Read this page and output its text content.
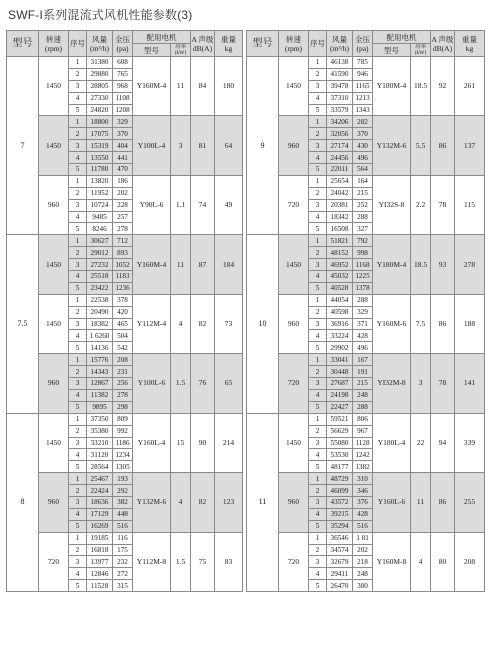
SWF-I系列混流式风机性能参数(3)
型号	转速
(rpm)	序号	风量
(m³/h)	全压
(pa)	配用电机		A 声级
dB(A)	重量
kg
					型号	功率
(kW)		
7	1450	1	31380	608	Y160M-4	11	84	180
		2	29880	765				
		3	28805	968				
		4	27330	1108				
		5	24820	1208				
	1450	1	18800	329	Y100L-4	3	81	64
		2	17075	370				
		3	15319	404				
		4	13550	441				
		5	11780	470				
	960	1	13820	186	Y90L-6	1.1	74	49
		2	11952	202				
		3	10724	228				
		4	9485	257				
		5	8246	278				
7.5	1450	1	30627	712	Y160M-4	11	87	184
		2	29012	893				
		3	27232	1052				
		4	25518	1183				
		5	23422	1236				
	1450	1	22538	378	Y112M-4	4	82	73
		2	20490	420				
		3	18382	465				
		4	1 6260	504				
		5	14136	542				
	960	1	15776	208	Y100L-6	1.5	76	65
		2	14343	231				
		3	12867	256				
		4	11382	278				
		5	9895	298				
8	1450	1	37350	809	Y160L-4	15	90	214
		2	35380	992				
		3	33210	1186				
		4	31120	1234				
		5	28564	1305				
	960	1	25467	193	Y132M-6	4	82	123
		2	22424	292				
		3	18636	382				
		4	17129	448				
		5	16269	516				
	720	1	19185	116	Y112M-8	1.5	75	83
		2	16818	175				
		3	13977	232				
		4	12846	272				
		5	11528	315				
型号	转速
(rpm)	序号	风量
(m³/h)	全压
(pa)	配用电机		A 声级
dB(A)	重量
kg
					型号	功率
(kW)		
9	1450	1	46138	785	Y180M-4	18.5	92	261
		2	41590	946				
		3	39478	1165				
		4	37310	1213				
		5	33579	1343				
	960	1	34206	282	Y132M-6	5.5	86	137
		2	32056	370				
		3	27174	430				
		4	24456	496				
		5	22011	564				
	720	1	25654	164	YI32S-8	2.2	78	115
		2	24042	215				
		3	20381	252				
		4	18342	288				
		5	16508	327				
10	1450	1	51821	792	Y180M-4	18.5	93	278
		2	48152	998				
		3	46952	1168				
		4	45032	1225				
		5	40528	1378				
	960	1	44054	288	Y160M-6	7.5	86	188
		2	40598	329				
		3	36916	371				
		4	33224	428				
		5	29902	496				
	720	1	33041	167	YI32M-8	3	78	141
		2	30448	191				
		3	27687	215				
		4	24198	248				
		5	22427	288				
11	1450	1	59521	806	Y180L-4	22	94	339
		2	56629	967				
		3	55080	1128				
		4	53530	1242				
		5	48177	1382				
	960	1	48729	310	Y160L-6	11	86	255
		2	46099	346				
		3	43572	376				
		4	39215	428				
		5	35294	516				
	720	1	36546	1 81	Y160M-8	4	80	208
		2	34574	202				
		3	32679	218				
		4	29411	248				
		5	26470	300				
